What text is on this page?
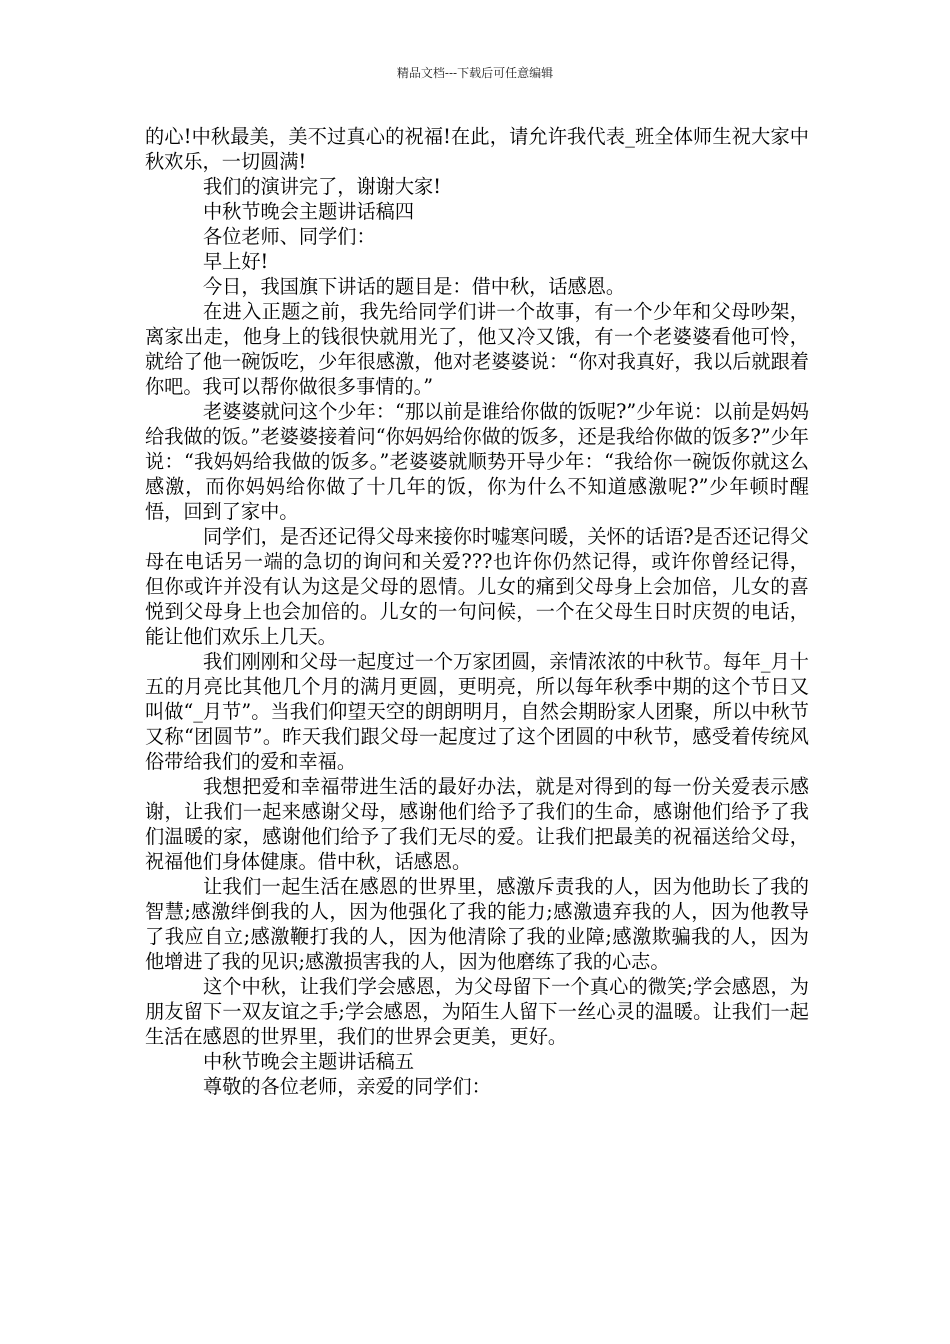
精品文档---下载后可任意编辑

的心!中秋最美，美不过真心的祝福!在此，请允许我代表_班全体师生祝大家中秋欢乐，一切圆满!

我们的演讲完了，谢谢大家!

中秋节晚会主题讲话稿四

各位老师、同学们：

早上好!

今日，我国旗下讲话的题目是：借中秋，话感恩。

在进入正题之前，我先给同学们讲一个故事，有一个少年和父母吵架，离家出走，他身上的钱很快就用光了，他又冷又饿，有一个老婆婆看他可怜，就给了他一碗饭吃，少年很感激，他对老婆婆说：“你对我真好，我以后就跟着你吧。我可以帮你做很多事情的。”

老婆婆就问这个少年：“那以前是谁给你做的饭呢?”少年说：以前是妈妈给我做的饭。”老婆婆接着问“你妈妈给你做的饭多，还是我给你做的饭多?”少年说：“我妈妈给我做的饭多。”老婆婆就顺势开导少年：“我给你一碗饭你就这么感激，而你妈妈给你做了十几年的饭，你为什么不知道感激呢?”少年顿时醒悟，回到了家中。

同学们，是否还记得父母来接你时嘘寒问暖，关怀的话语?是否还记得父母在电话另一端的急切的询问和关爱???也许你仍然记得，或许你曾经记得，但你或许并没有认为这是父母的恩情。儿女的痛到父母身上会加倍，儿女的喜悦到父母身上也会加倍的。儿女的一句问候，一个在父母生日时庆贺的电话，能让他们欢乐上几天。

我们刚刚和父母一起度过一个万家团圆，亲情浓浓的中秋节。每年_月十五的月亮比其他几个月的满月更圆，更明亮，所以每年秋季中期的这个节日又叫做“_月节”。当我们仰望天空的朗朗明月，自然会期盼家人团聚，所以中秋节又称“团圆节”。昨天我们跟父母一起度过了这个团圆的中秋节，感受着传统风俗带给我们的爱和幸福。

我想把爱和幸福带进生活的最好办法，就是对得到的每一份关爱表示感谢，让我们一起来感谢父母，感谢他们给予了我们的生命，感谢他们给予了我们温暖的家，感谢他们给予了我们无尽的爱。让我们把最美的祝福送给父母，祝福他们身体健康。借中秋，话感恩。

让我们一起生活在感恩的世界里，感激斥责我的人，因为他助长了我的智慧;感激绊倒我的人，因为他强化了我的能力;感激遗弃我的人，因为他教导了我应自立;感激鞭打我的人，因为他清除了我的业障;感激欺骗我的人，因为他增进了我的见识;感激损害我的人，因为他磨练了我的心志。

这个中秋，让我们学会感恩，为父母留下一个真心的微笑;学会感恩，为朋友留下一双友谊之手;学会感恩，为陌生人留下一丝心灵的温暖。让我们一起生活在感恩的世界里，我们的世界会更美，更好。

中秋节晚会主题讲话稿五

尊敬的各位老师，亲爱的同学们：
